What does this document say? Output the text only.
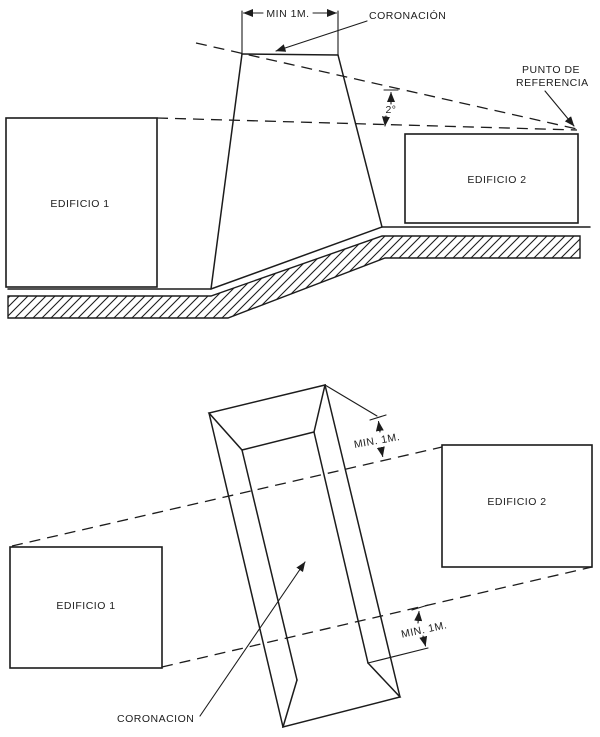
EDIFICIO 1
EDIFICIO 2
MIN 1M.	CORONACIÓN
2°
PUNTO DE
REFERENCIA
EDIFICIO 1
EDIFICIO 2
MIN. 1M.
MIN. 1M.
CORONACION
